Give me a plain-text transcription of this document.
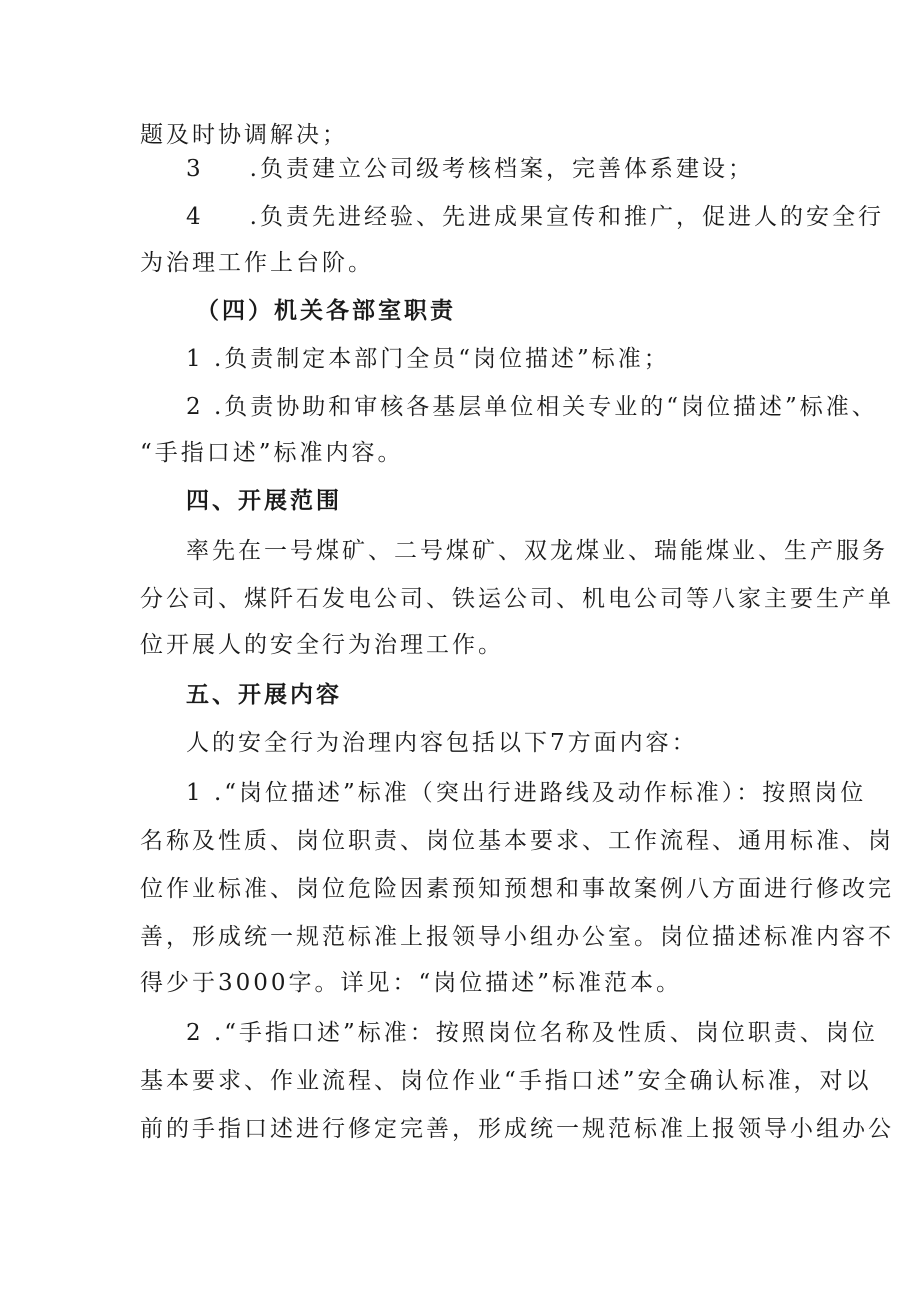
题及时协调解决；
3 .负责建立公司级考核档案，完善体系建设；
4 .负责先进经验、先进成果宣传和推广，促进人的安全行
为治理工作上台阶。
（四）机关各部室职责
1 .负责制定本部门全员“岗位描述”标准；
2 .负责协助和审核各基层单位相关专业的“岗位描述”标准、
“手指口述”标准内容。
四、开展范围
率先在一号煤矿、二号煤矿、双龙煤业、瑞能煤业、生产服务
分公司、煤阡石发电公司、铁运公司、机电公司等八家主要生产单
位开展人的安全行为治理工作。
五、开展内容
人的安全行为治理内容包括以下7方面内容：
1 .“岗位描述”标准（突出行进路线及动作标准）：按照岗位
名称及性质、岗位职责、岗位基本要求、工作流程、通用标准、岗
位作业标准、岗位危险因素预知预想和事故案例八方面进行修改完
善，形成统一规范标准上报领导小组办公室。岗位描述标准内容不
得少于3000字。详见：“岗位描述”标准范本。
2 .“手指口述”标准：按照岗位名称及性质、岗位职责、岗位
基本要求、作业流程、岗位作业“手指口述”安全确认标准，对以
前的手指口述进行修定完善，形成统一规范标准上报领导小组办公
